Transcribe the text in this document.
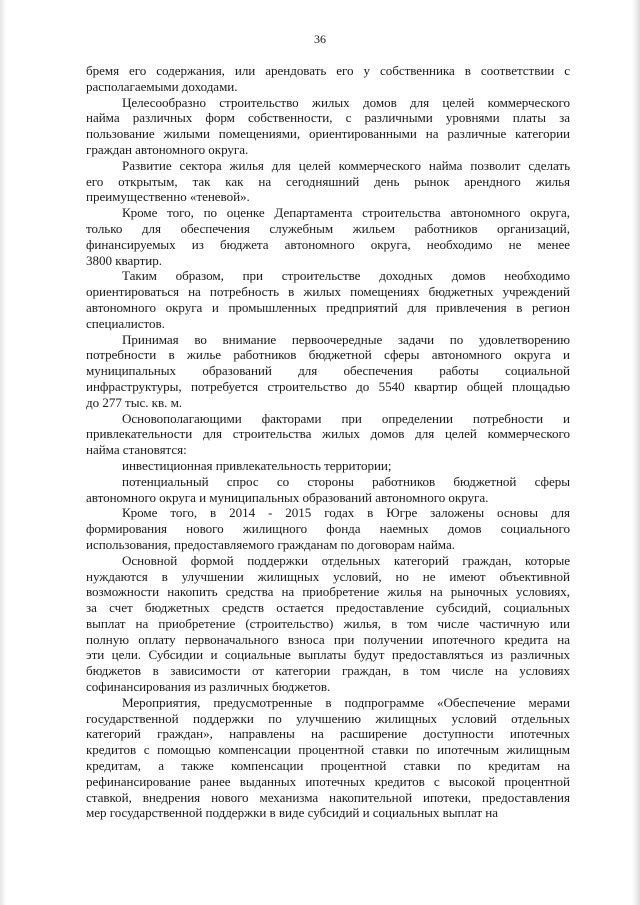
36
бремя его содержания, или арендовать его у собственника в соответствии с
располагаемыми доходами.
Целесообразно строительство жилых домов для целей коммерческого
найма различных форм собственности, с различными уровнями платы за
пользование жилыми помещениями, ориентированными на различные категории
граждан автономного округа.
Развитие сектора жилья для целей коммерческого найма позволит сделать
его открытым, так как на сегодняшний день рынок арендного жилья
преимущественно «теневой».
Кроме того, по оценке Департамента строительства автономного округа,
только для обеспечения служебным жильем работников организаций,
финансируемых из бюджета автономного округа, необходимо не менее
3800 квартир.
Таким образом, при строительстве доходных домов необходимо
ориентироваться на потребность в жилых помещениях бюджетных учреждений
автономного округа и промышленных предприятий для привлечения в регион
специалистов.
Принимая во внимание первоочередные задачи по удовлетворению
потребности в жилье работников бюджетной сферы автономного округа и
муниципальных образований для обеспечения работы социальной
инфраструктуры, потребуется строительство до 5540 квартир общей площадью
до 277 тыс. кв. м.
Основополагающими факторами при определении потребности и
привлекательности для строительства жилых домов для целей коммерческого
найма становятся:
инвестиционная привлекательность территории;
потенциальный спрос со стороны работников бюджетной сферы
автономного округа и муниципальных образований автономного округа.
Кроме того, в 2014 - 2015 годах в Югре заложены основы для
формирования нового жилищного фонда наемных домов социального
использования, предоставляемого гражданам по договорам найма.
Основной формой поддержки отдельных категорий граждан, которые
нуждаются в улучшении жилищных условий, но не имеют объективной
возможности накопить средства на приобретение жилья на рыночных условиях,
за счет бюджетных средств остается предоставление субсидий, социальных
выплат на приобретение (строительство) жилья, в том числе частичную или
полную оплату первоначального взноса при получении ипотечного кредита на
эти цели. Субсидии и социальные выплаты будут предоставляться из различных
бюджетов в зависимости от категории граждан, в том числе на условиях
софинансирования из различных бюджетов.
Мероприятия, предусмотренные в подпрограмме «Обеспечение мерами
государственной поддержки по улучшению жилищных условий отдельных
категорий граждан», направлены на расширение доступности ипотечных
кредитов с помощью компенсации процентной ставки по ипотечным жилищным
кредитам, а также компенсации процентной ставки по кредитам на
рефинансирование ранее выданных ипотечных кредитов с высокой процентной
ставкой, внедрения нового механизма накопительной ипотеки, предоставления
мер государственной поддержки в виде субсидий и социальных выплат на
